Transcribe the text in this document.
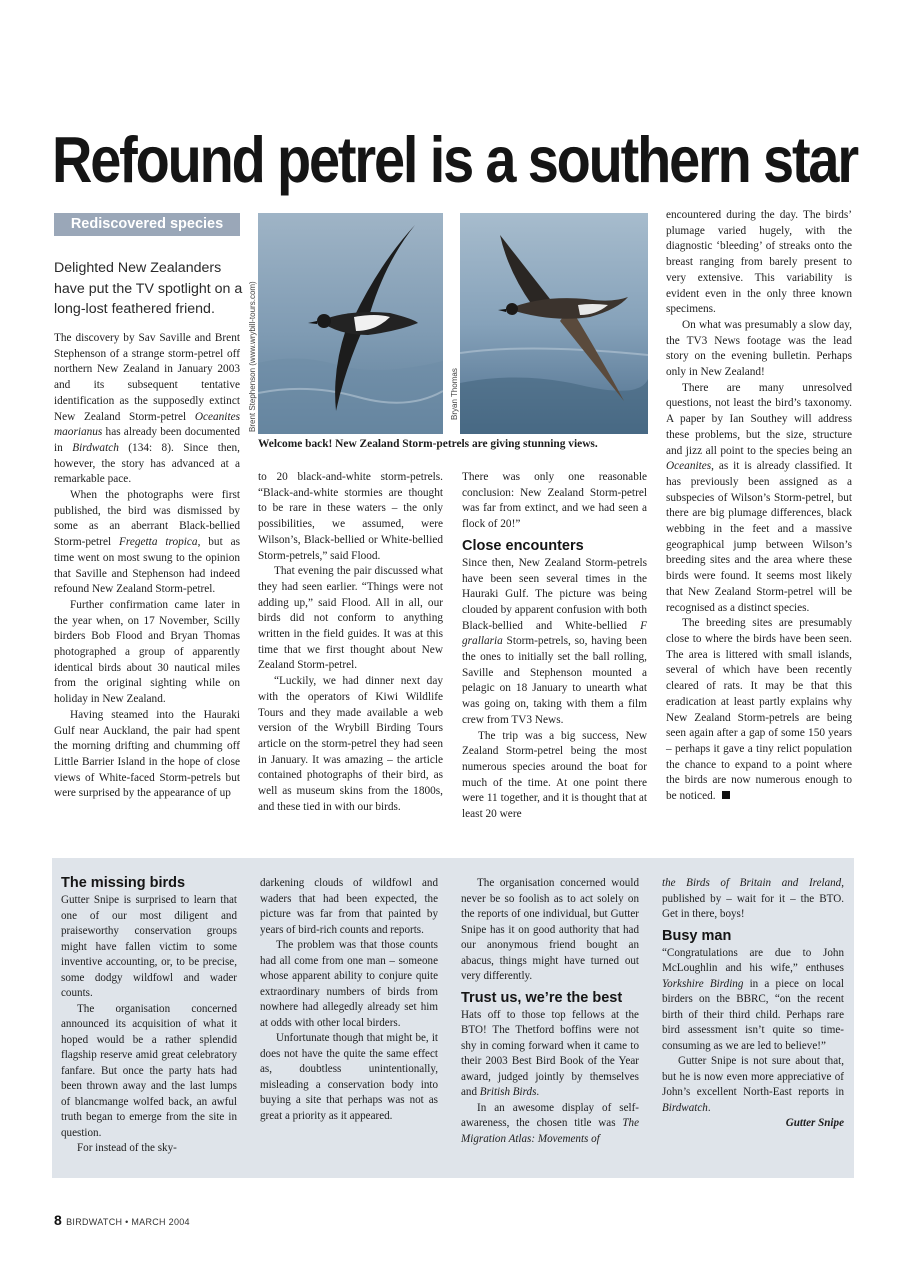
Refound petrel is a southern star
Rediscovered species

Delighted New Zealanders have put the TV spotlight on a long-lost feathered friend.

The discovery by Sav Saville and Brent Stephenson of a strange storm-petrel off northern New Zealand in January 2003 and its subsequent tentative identification as the supposedly extinct New Zealand Storm-petrel Oceanites maorianus has already been documented in Birdwatch (134: 8). Since then, however, the story has advanced at a remarkable pace.

When the photographs were first published, the bird was dismissed by some as an aberrant Black-bellied Storm-petrel Fregetta tropica, but as time went on most swung to the opinion that Saville and Stephenson had indeed refound New Zealand Storm-petrel.

Further confirmation came later in the year when, on 17 November, Scilly birders Bob Flood and Bryan Thomas photographed a group of apparently identical birds about 30 nautical miles from the original sighting while on holiday in New Zealand.

Having steamed into the Hauraki Gulf near Auckland, the pair had spent the morning drifting and chumming off Little Barrier Island in the hope of close views of White-faced Storm-petrels but were surprised by the appearance of up

Brent Stephenson (www.wrybill-tours.com)	Bryan Thomas

Welcome back! New Zealand Storm-petrels are giving stunning views.

to 20 black-and-white storm-petrels. “Black-and-white stormies are thought to be rare in these waters – the only possibilities, we assumed, were Wilson’s, Black-bellied or White-bellied Storm-petrels,” said Flood.

That evening the pair discussed what they had seen earlier. “Things were not adding up,” said Flood. All in all, our birds did not conform to anything written in the field guides. It was at this time that we first thought about New Zealand Storm-petrel.

“Luckily, we had dinner next day with the operators of Kiwi Wildlife Tours and they made available a web version of the Wrybill Birding Tours article on the storm-petrel they had seen in January. It was amazing – the article contained photographs of their bird, as well as museum skins from the 1800s, and these tied in with our birds.

There was only one reasonable conclusion: New Zealand Storm-petrel was far from extinct, and we had seen a flock of 20!”

Close encounters

Since then, New Zealand Storm-petrels have been seen several times in the Hauraki Gulf. The picture was being clouded by apparent confusion with both Black-bellied and White-bellied F grallaria Storm-petrels, so, having been the ones to initially set the ball rolling, Saville and Stephenson mounted a pelagic on 18 January to unearth what was going on, taking with them a film crew from TV3 News.

The trip was a big success, New Zealand Storm-petrel being the most numerous species around the boat for much of the time. At one point there were 11 together, and it is thought that at least 20 were

encountered during the day. The birds’ plumage varied hugely, with the diagnostic ‘bleeding’ of streaks onto the breast ranging from barely present to very extensive. This variability is evident even in the only three known specimens.

On what was presumably a slow day, the TV3 News footage was the lead story on the evening bulletin. Perhaps only in New Zealand!

There are many unresolved questions, not least the bird’s taxonomy. A paper by Ian Southey will address these problems, but the size, structure and jizz all point to the species being an Oceanites, as it is already classified. It has previously been assigned as a subspecies of Wilson’s Storm-petrel, but there are big plumage differences, black webbing in the feet and a massive geographical jump between Wilson’s breeding sites and the area where these birds were found. It seems most likely that New Zealand Storm-petrel will be recognised as a distinct species.

The breeding sites are presumably close to where the birds have been seen. The area is littered with small islands, several of which have been recently cleared of rats. It may be that this eradication at least partly explains why New Zealand Storm-petrels are being seen again after a gap of some 150 years – perhaps it gave a tiny relict population the chance to expand to a point where the birds are now numerous enough to be noticed.

The missing birds

Gutter Snipe is surprised to learn that one of our most diligent and praiseworthy conservation groups might have fallen victim to some inventive accounting, or, to be precise, some dodgy wildfowl and wader counts.

The organisation concerned announced its acquisition of what it hoped would be a rather splendid flagship reserve amid great celebratory fanfare. But once the party hats had been thrown away and the last lumps of blancmange wolfed back, an awful truth began to emerge from the site in question.

For instead of the sky-

darkening clouds of wildfowl and waders that had been expected, the picture was far from that painted by years of bird-rich counts and reports.

The problem was that those counts had all come from one man – someone whose apparent ability to conjure quite extraordinary numbers of birds from nowhere had allegedly already set him at odds with other local birders.

Unfortunate though that might be, it does not have the quite the same effect as, doubtless unintentionally, misleading a conservation body into buying a site that perhaps was not as great a priority as it appeared.

The organisation concerned would never be so foolish as to act solely on the reports of one individual, but Gutter Snipe has it on good authority that had our anonymous friend bought an abacus, things might have turned out very differently.

Trust us, we’re the best

Hats off to those top fellows at the BTO! The Thetford boffins were not shy in coming forward when it came to their 2003 Best Bird Book of the Year award, judged jointly by themselves and British Birds.

In an awesome display of self-awareness, the chosen title was The Migration Atlas: Movements of

the Birds of Britain and Ireland, published by – wait for it – the BTO. Get in there, boys!

Busy man

“Congratulations are due to John McLoughlin and his wife,” enthuses Yorkshire Birding in a piece on local birders on the BBRC, “on the recent birth of their third child. Perhaps rare bird assessment isn’t quite so time-consuming as we are led to believe!”

Gutter Snipe is not sure about that, but he is now even more appreciative of John’s excellent North-East reports in Birdwatch.

Gutter Snipe
8 BIRDWATCH • MARCH 2004
